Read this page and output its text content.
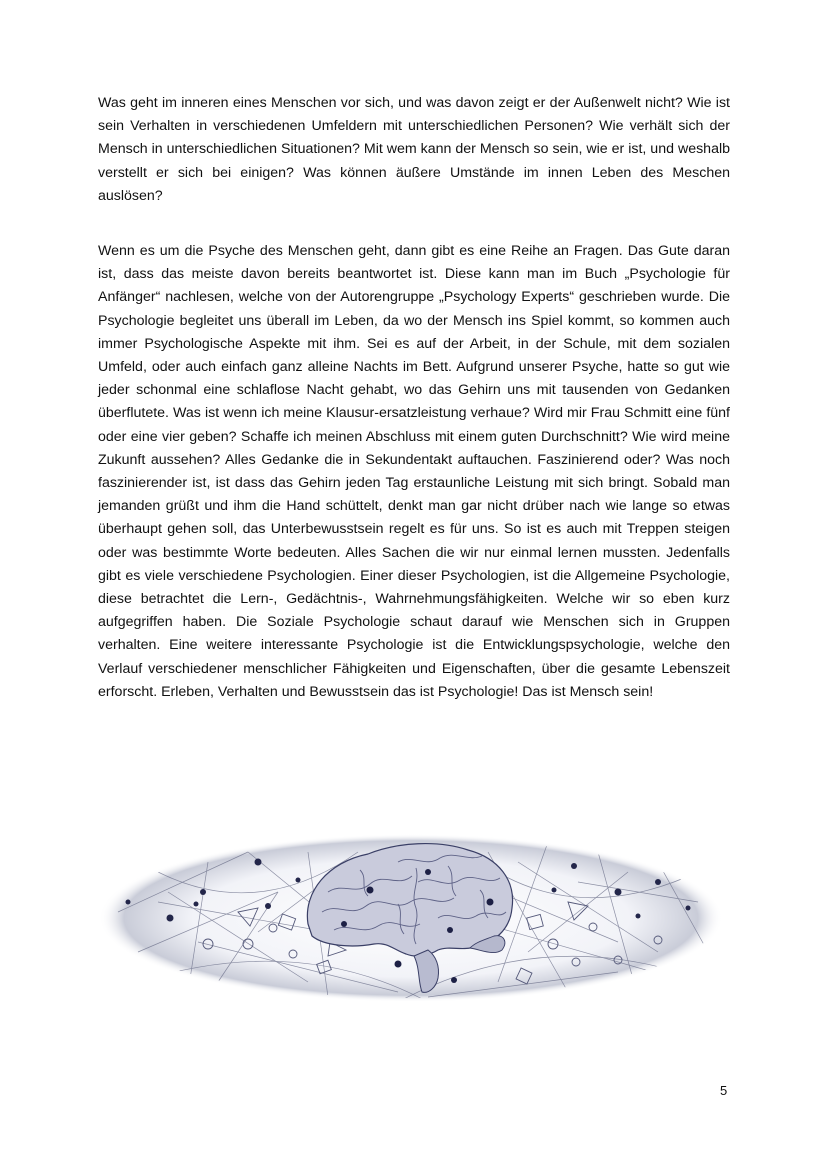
Was geht im inneren eines Menschen vor sich, und was davon zeigt er der Außenwelt nicht? Wie ist sein Verhalten in verschiedenen Umfeldern mit unterschiedlichen Personen? Wie verhält sich der Mensch in unterschiedlichen Situationen? Mit wem kann der Mensch so sein, wie er ist, und weshalb verstellt er sich bei einigen? Was können äußere Umstände im innen Leben des Meschen auslösen?

Wenn es um die Psyche des Menschen geht, dann gibt es eine Reihe an Fragen. Das Gute daran ist, dass das meiste davon bereits beantwortet ist. Diese kann man im Buch „Psychologie für Anfänger“ nachlesen, welche von der Autorengruppe „Psychology Experts“ geschrieben wurde. Die Psychologie begleitet uns überall im Leben, da wo der Mensch ins Spiel kommt, so kommen auch immer Psychologische Aspekte mit ihm. Sei es auf der Arbeit, in der Schule, mit dem sozialen Umfeld, oder auch einfach ganz alleine Nachts im Bett. Aufgrund unserer Psyche, hatte so gut wie jeder schonmal eine schlaflose Nacht gehabt, wo das Gehirn uns mit tausenden von Gedanken überflutete. Was ist wenn ich meine Klausur-ersatzleistung verhaue? Wird mir Frau Schmitt eine fünf oder eine vier geben? Schaffe ich meinen Abschluss mit einem guten Durchschnitt? Wie wird meine Zukunft aussehen? Alles Gedanke die in Sekundentakt auftauchen. Faszinierend oder? Was noch faszinierender ist, ist dass das Gehirn jeden Tag erstaunliche Leistung mit sich bringt. Sobald man jemanden grüßt und ihm die Hand schüttelt, denkt man gar nicht drüber nach wie lange so etwas überhaupt gehen soll, das Unterbewusstsein regelt es für uns. So ist es auch mit Treppen steigen oder was bestimmte Worte bedeuten. Alles Sachen die wir nur einmal lernen mussten. Jedenfalls gibt es viele verschiedene Psychologien. Einer dieser Psychologien, ist die Allgemeine Psychologie, diese betrachtet die Lern-, Gedächtnis-, Wahrnehmungsfähigkeiten. Welche wir so eben kurz aufgegriffen haben. Die Soziale Psychologie schaut darauf wie Menschen sich in Gruppen verhalten. Eine weitere interessante Psychologie ist die Entwicklungspsychologie, welche den Verlauf verschiedener menschlicher Fähigkeiten und Eigenschaften, über die gesamte Lebenszeit erforscht. Erleben, Verhalten und Bewusstsein das ist Psychologie! Das ist Mensch sein!

5
